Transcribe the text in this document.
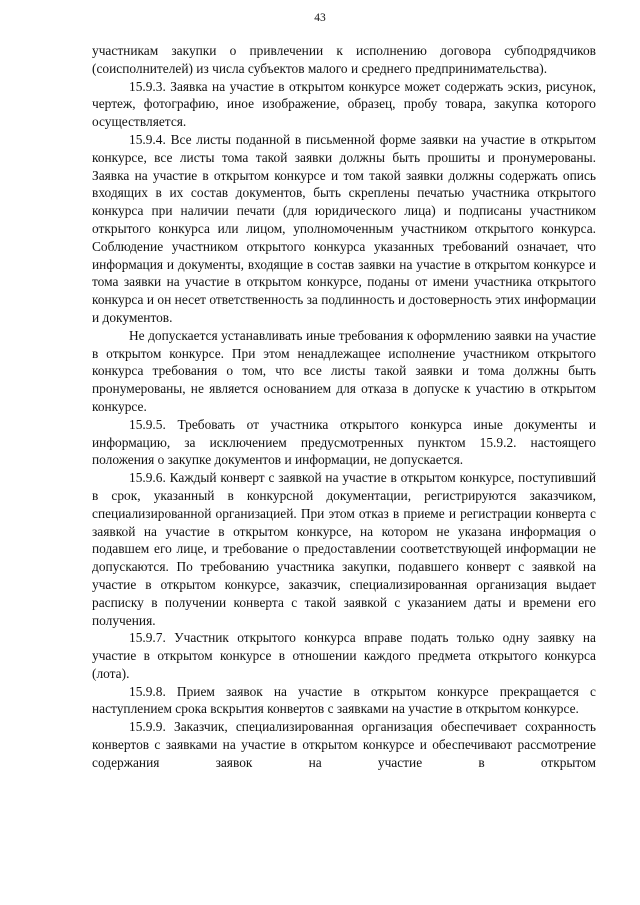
43

участникам закупки о привлечении к исполнению договора субподрядчиков (соисполнителей) из числа субъектов малого и среднего предпринимательства).

15.9.3. Заявка на участие в открытом конкурсе может содержать эскиз, рисунок, чертеж, фотографию, иное изображение, образец, пробу товара, закупка которого осуществляется.

15.9.4. Все листы поданной в письменной форме заявки на участие в открытом конкурсе, все листы тома такой заявки должны быть прошиты и пронумерованы. Заявка на участие в открытом конкурсе и том такой заявки должны содержать опись входящих в их состав документов, быть скреплены печатью участника открытого конкурса при наличии печати (для юридического лица) и подписаны участником открытого конкурса или лицом, уполномоченным участником открытого конкурса. Соблюдение участником открытого конкурса указанных требований означает, что информация и документы, входящие в состав заявки на участие в открытом конкурсе и тома заявки на участие в открытом конкурсе, поданы от имени участника открытого конкурса и он несет ответственность за подлинность и достоверность этих информации и документов.

Не допускается устанавливать иные требования к оформлению заявки на участие в открытом конкурсе. При этом ненадлежащее исполнение участником открытого конкурса требования о том, что все листы такой заявки и тома должны быть пронумерованы, не является основанием для отказа в допуске к участию в открытом конкурсе.

15.9.5. Требовать от участника открытого конкурса иные документы и информацию, за исключением предусмотренных пунктом 15.9.2. настоящего положения о закупке документов и информации, не допускается.

15.9.6. Каждый конверт с заявкой на участие в открытом конкурсе, поступивший в срок, указанный в конкурсной документации, регистрируются заказчиком, специализированной организацией. При этом отказ в приеме и регистрации конверта с заявкой на участие в открытом конкурсе, на котором не указана информация о подавшем его лице, и требование о предоставлении соответствующей информации не допускаются. По требованию участника закупки, подавшего конверт с заявкой на участие в открытом конкурсе, заказчик, специализированная организация выдает расписку в получении конверта с такой заявкой с указанием даты и времени его получения.

15.9.7. Участник открытого конкурса вправе подать только одну заявку на участие в открытом конкурсе в отношении каждого предмета открытого конкурса (лота).

15.9.8. Прием заявок на участие в открытом конкурсе прекращается с наступлением срока вскрытия конвертов с заявками на участие в открытом конкурсе.

15.9.9. Заказчик, специализированная организация обеспечивает сохранность конвертов с заявками на участие в открытом конкурсе и обеспечивают рассмотрение содержания заявок на участие в открытом
